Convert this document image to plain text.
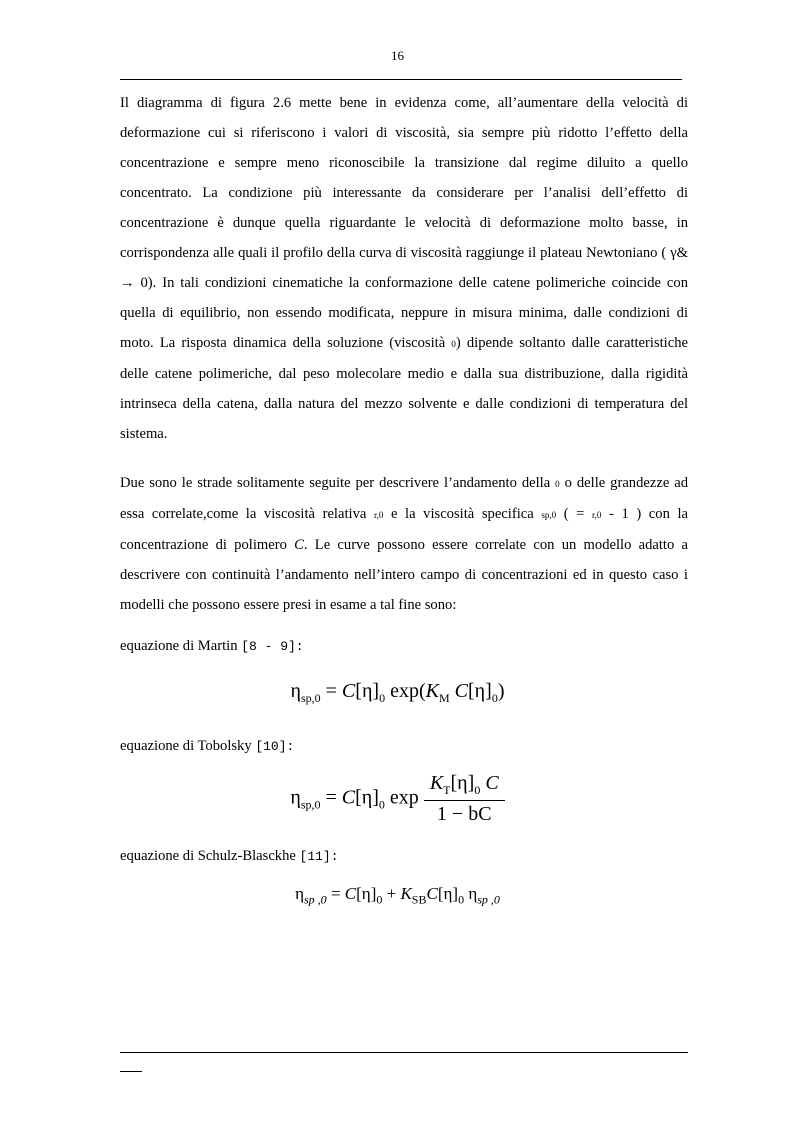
16

Il diagramma di figura 2.6 mette bene in evidenza come, all’aumentare della velocità di deformazione cui si riferiscono i valori di viscosità, sia sempre più ridotto l’effetto della concentrazione e sempre meno riconoscibile la transizione dal regime diluito a quello concentrato. La condizione più interessante da considerare per l’analisi dell’effetto di concentrazione è dunque quella riguardante le velocità di deformazione molto basse, in corrispondenza alle quali il profilo della curva di viscosità raggiunge il plateau Newtoniano ( γ& → 0). In tali condizioni cinematiche la conformazione delle catene polimeriche coincide con quella di equilibrio, non essendo modificata, neppure in misura minima, dalle condizioni di moto. La risposta dinamica della soluzione (viscosità 0) dipende soltanto dalle caratteristiche delle catene polimeriche, dal peso molecolare medio e dalla sua distribuzione, dalla rigidità intrinseca della catena, dalla natura del mezzo solvente e dalle condizioni di temperatura del sistema.

Due sono le strade solitamente seguite per descrivere l’andamento della 0 o delle grandezze ad essa correlate,come la viscosità relativa r,0 e la viscosità specifica sp,0 ( = r,0 - 1 ) con la concentrazione di polimero C. Le curve possono essere correlate con un modello adatto a descrivere con continuità l’andamento nell’intero campo di concentrazioni ed in questo caso i modelli che possono essere presi in esame a tal fine sono:

equazione di Martin [8 - 9]:
$\eta_{sp,0} = C[\eta]_0$ $\exp(K_M$ $C[\eta]_0$)
equazione di Tobolsky [10]:
$\eta_{sp,0} = C[\eta]_0$ $\exp \frac{K_T[\eta]_0 C}{1 - bC}$
equazione di Schulz-Blasckhe [11]:
$\eta_{sp ,0} = C[\eta]_0 + K_{SB}C[\eta]_0$ $\eta_{sp ,0}$
